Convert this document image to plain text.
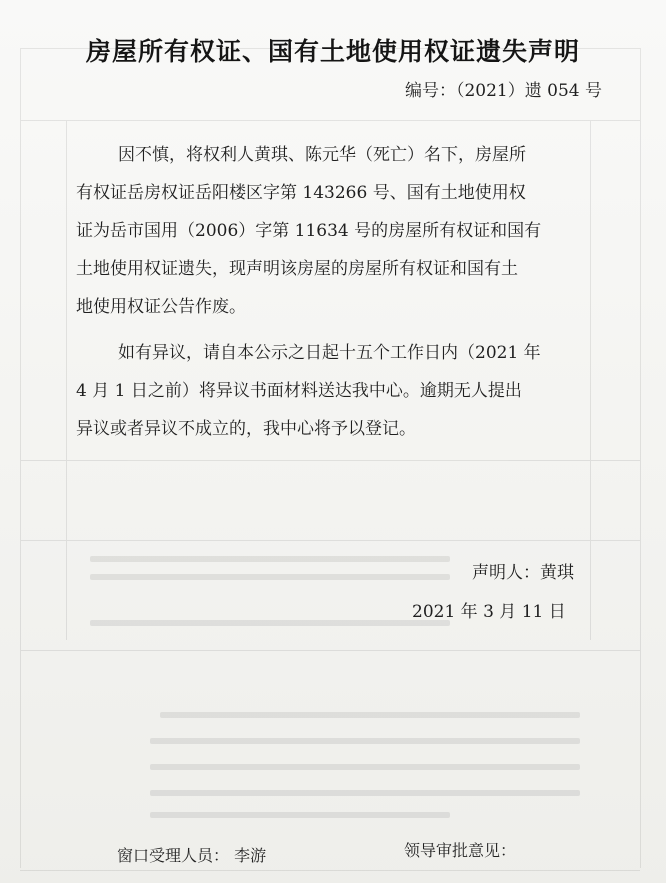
房屋所有权证、国有土地使用权证遗失声明
编号：（2021）遗 054 号
因不慎，将权利人黄琪、陈元华（死亡）名下，房屋所
有权证岳房权证岳阳楼区字第 143266 号、国有土地使用权
证为岳市国用（2006）字第 11634 号的房屋所有权证和国有
土地使用权证遗失，现声明该房屋的房屋所有权证和国有土
地使用权证公告作废。
如有异议，请自本公示之日起十五个工作日内（2021 年
4 月 1 日之前）将异议书面材料送达我中心。逾期无人提出
异议或者异议不成立的，我中心将予以登记。
声明人：黄琪
2021 年 3 月 11 日
窗口受理人员： 李游	领导审批意见：
